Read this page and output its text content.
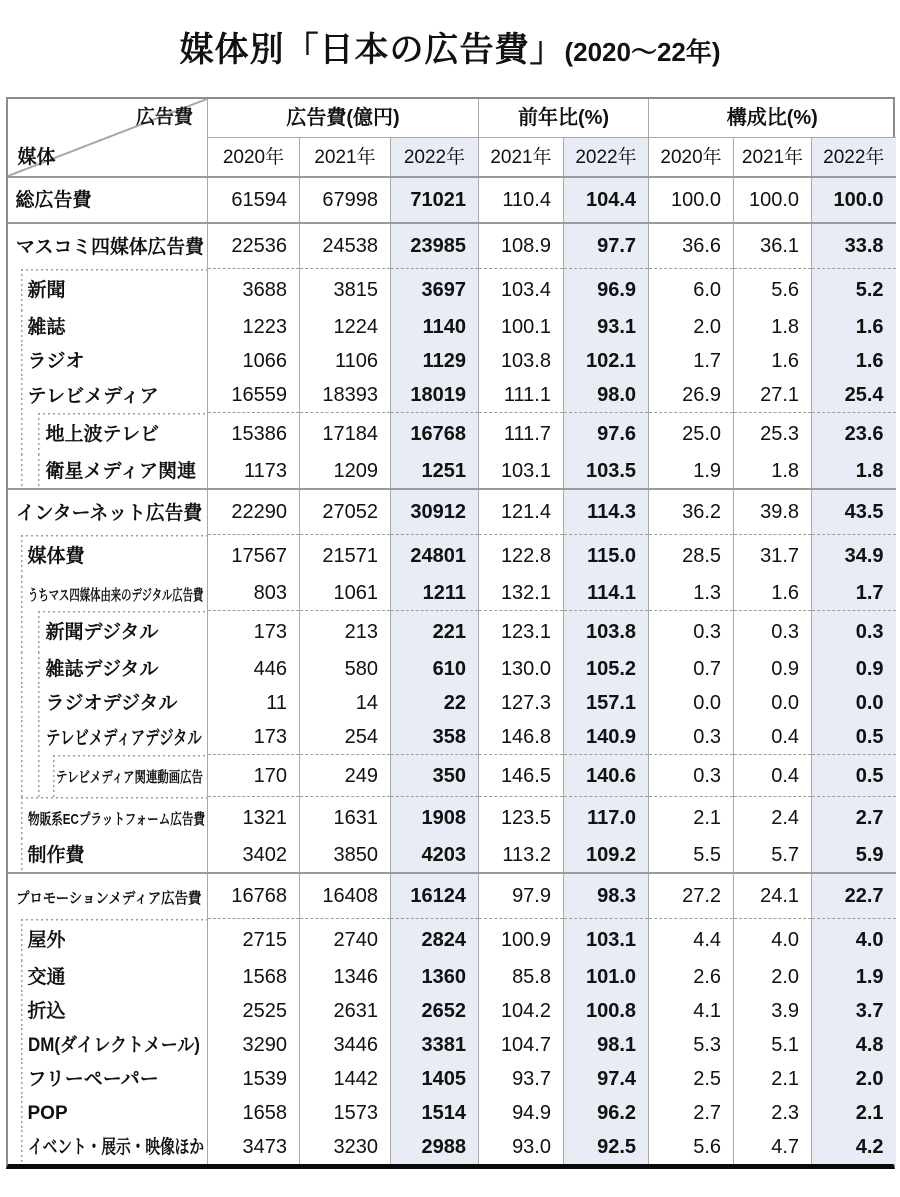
媒体別「日本の広告費」(2020〜22年)
広告費
媒体	広告費(億円)			前年比(%)		構成比(%)		
	2020年	2021年	2022年	2021年	2022年	2020年	2021年	2022年
総広告費	61594	67998	71021	110.4	104.4	100.0	100.0	100.0
マスコミ四媒体広告費	22536	24538	23985	108.9	97.7	36.6	36.1	33.8
新聞	3688	3815	3697	103.4	96.9	6.0	5.6	5.2
雑誌	1223	1224	1140	100.1	93.1	2.0	1.8	1.6
ラジオ	1066	1106	1129	103.8	102.1	1.7	1.6	1.6
テレビメディア	16559	18393	18019	111.1	98.0	26.9	27.1	25.4
地上波テレビ	15386	17184	16768	111.7	97.6	25.0	25.3	23.6
衛星メディア関連	1173	1209	1251	103.1	103.5	1.9	1.8	1.8
インターネット広告費	22290	27052	30912	121.4	114.3	36.2	39.8	43.5
媒体費	17567	21571	24801	122.8	115.0	28.5	31.7	34.9
うちマス四媒体由来のデジタル広告費	803	1061	1211	132.1	114.1	1.3	1.6	1.7
新聞デジタル	173	213	221	123.1	103.8	0.3	0.3	0.3
雑誌デジタル	446	580	610	130.0	105.2	0.7	0.9	0.9
ラジオデジタル	11	14	22	127.3	157.1	0.0	0.0	0.0
テレビメディアデジタル	173	254	358	146.8	140.9	0.3	0.4	0.5
テレビメディア関連動画広告	170	249	350	146.5	140.6	0.3	0.4	0.5
物販系ECプラットフォーム広告費	1321	1631	1908	123.5	117.0	2.1	2.4	2.7
制作費	3402	3850	4203	113.2	109.2	5.5	5.7	5.9
プロモーションメディア広告費	16768	16408	16124	97.9	98.3	27.2	24.1	22.7
屋外	2715	2740	2824	100.9	103.1	4.4	4.0	4.0
交通	1568	1346	1360	85.8	101.0	2.6	2.0	1.9
折込	2525	2631	2652	104.2	100.8	4.1	3.9	3.7
DM(ダイレクトメール)	3290	3446	3381	104.7	98.1	5.3	5.1	4.8
フリーペーパー	1539	1442	1405	93.7	97.4	2.5	2.1	2.0
POP	1658	1573	1514	94.9	96.2	2.7	2.3	2.1
イベント・展示・映像ほか	3473	3230	2988	93.0	92.5	5.6	4.7	4.2
